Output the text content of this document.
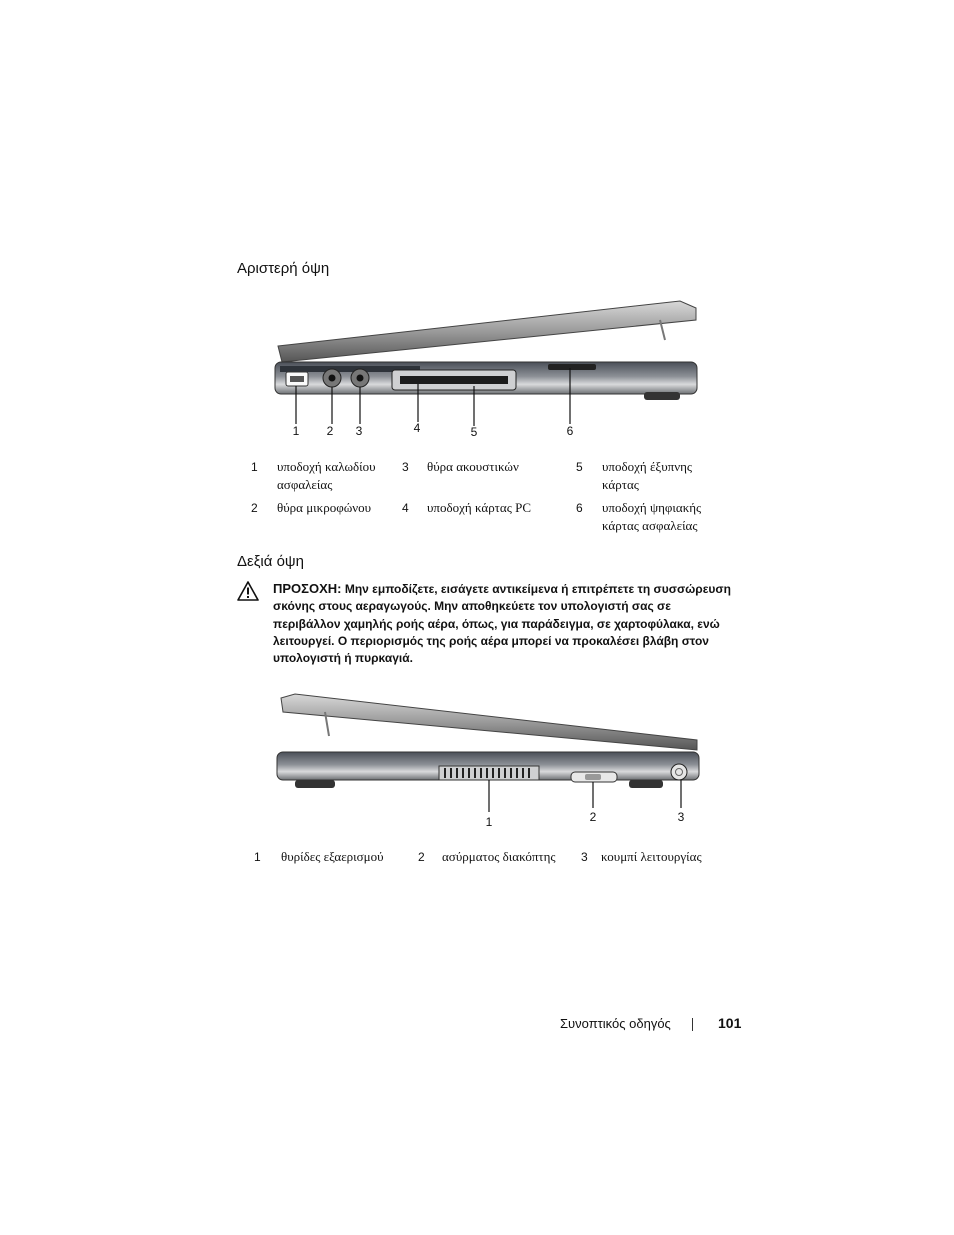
Αριστερή όψη
1	2	3	4	5	6
1 υποδοχή καλωδίου ασφαλείας
2 θύρα μικροφώνου
3 θύρα ακουστικών
4 υποδοχή κάρτας PC
5 υποδοχή έξυπνης κάρτας
6 υποδοχή ψηφιακής κάρτας ασφαλείας
Δεξιά όψη
ΠΡΟΣΟΧΗ: Μην εμποδίζετε, εισάγετε αντικείμενα ή επιτρέπετε τη συσσώρευση σκόνης στους αεραγωγούς. Μην αποθηκεύετε τον υπολογιστή σας σε περιβάλλον χαμηλής ροής αέρα, όπως, για παράδειγμα, σε χαρτοφύλακα, ενώ λειτουργεί. Ο περιορισμός της ροής αέρα μπορεί να προκαλέσει βλάβη στον υπολογιστή ή πυρκαγιά.
1	2	3
1 θυρίδες εξαερισμού	2 ασύρματος διακόπτης	3 κουμπί λειτουργίας
Συνοπτικός οδηγός	101
